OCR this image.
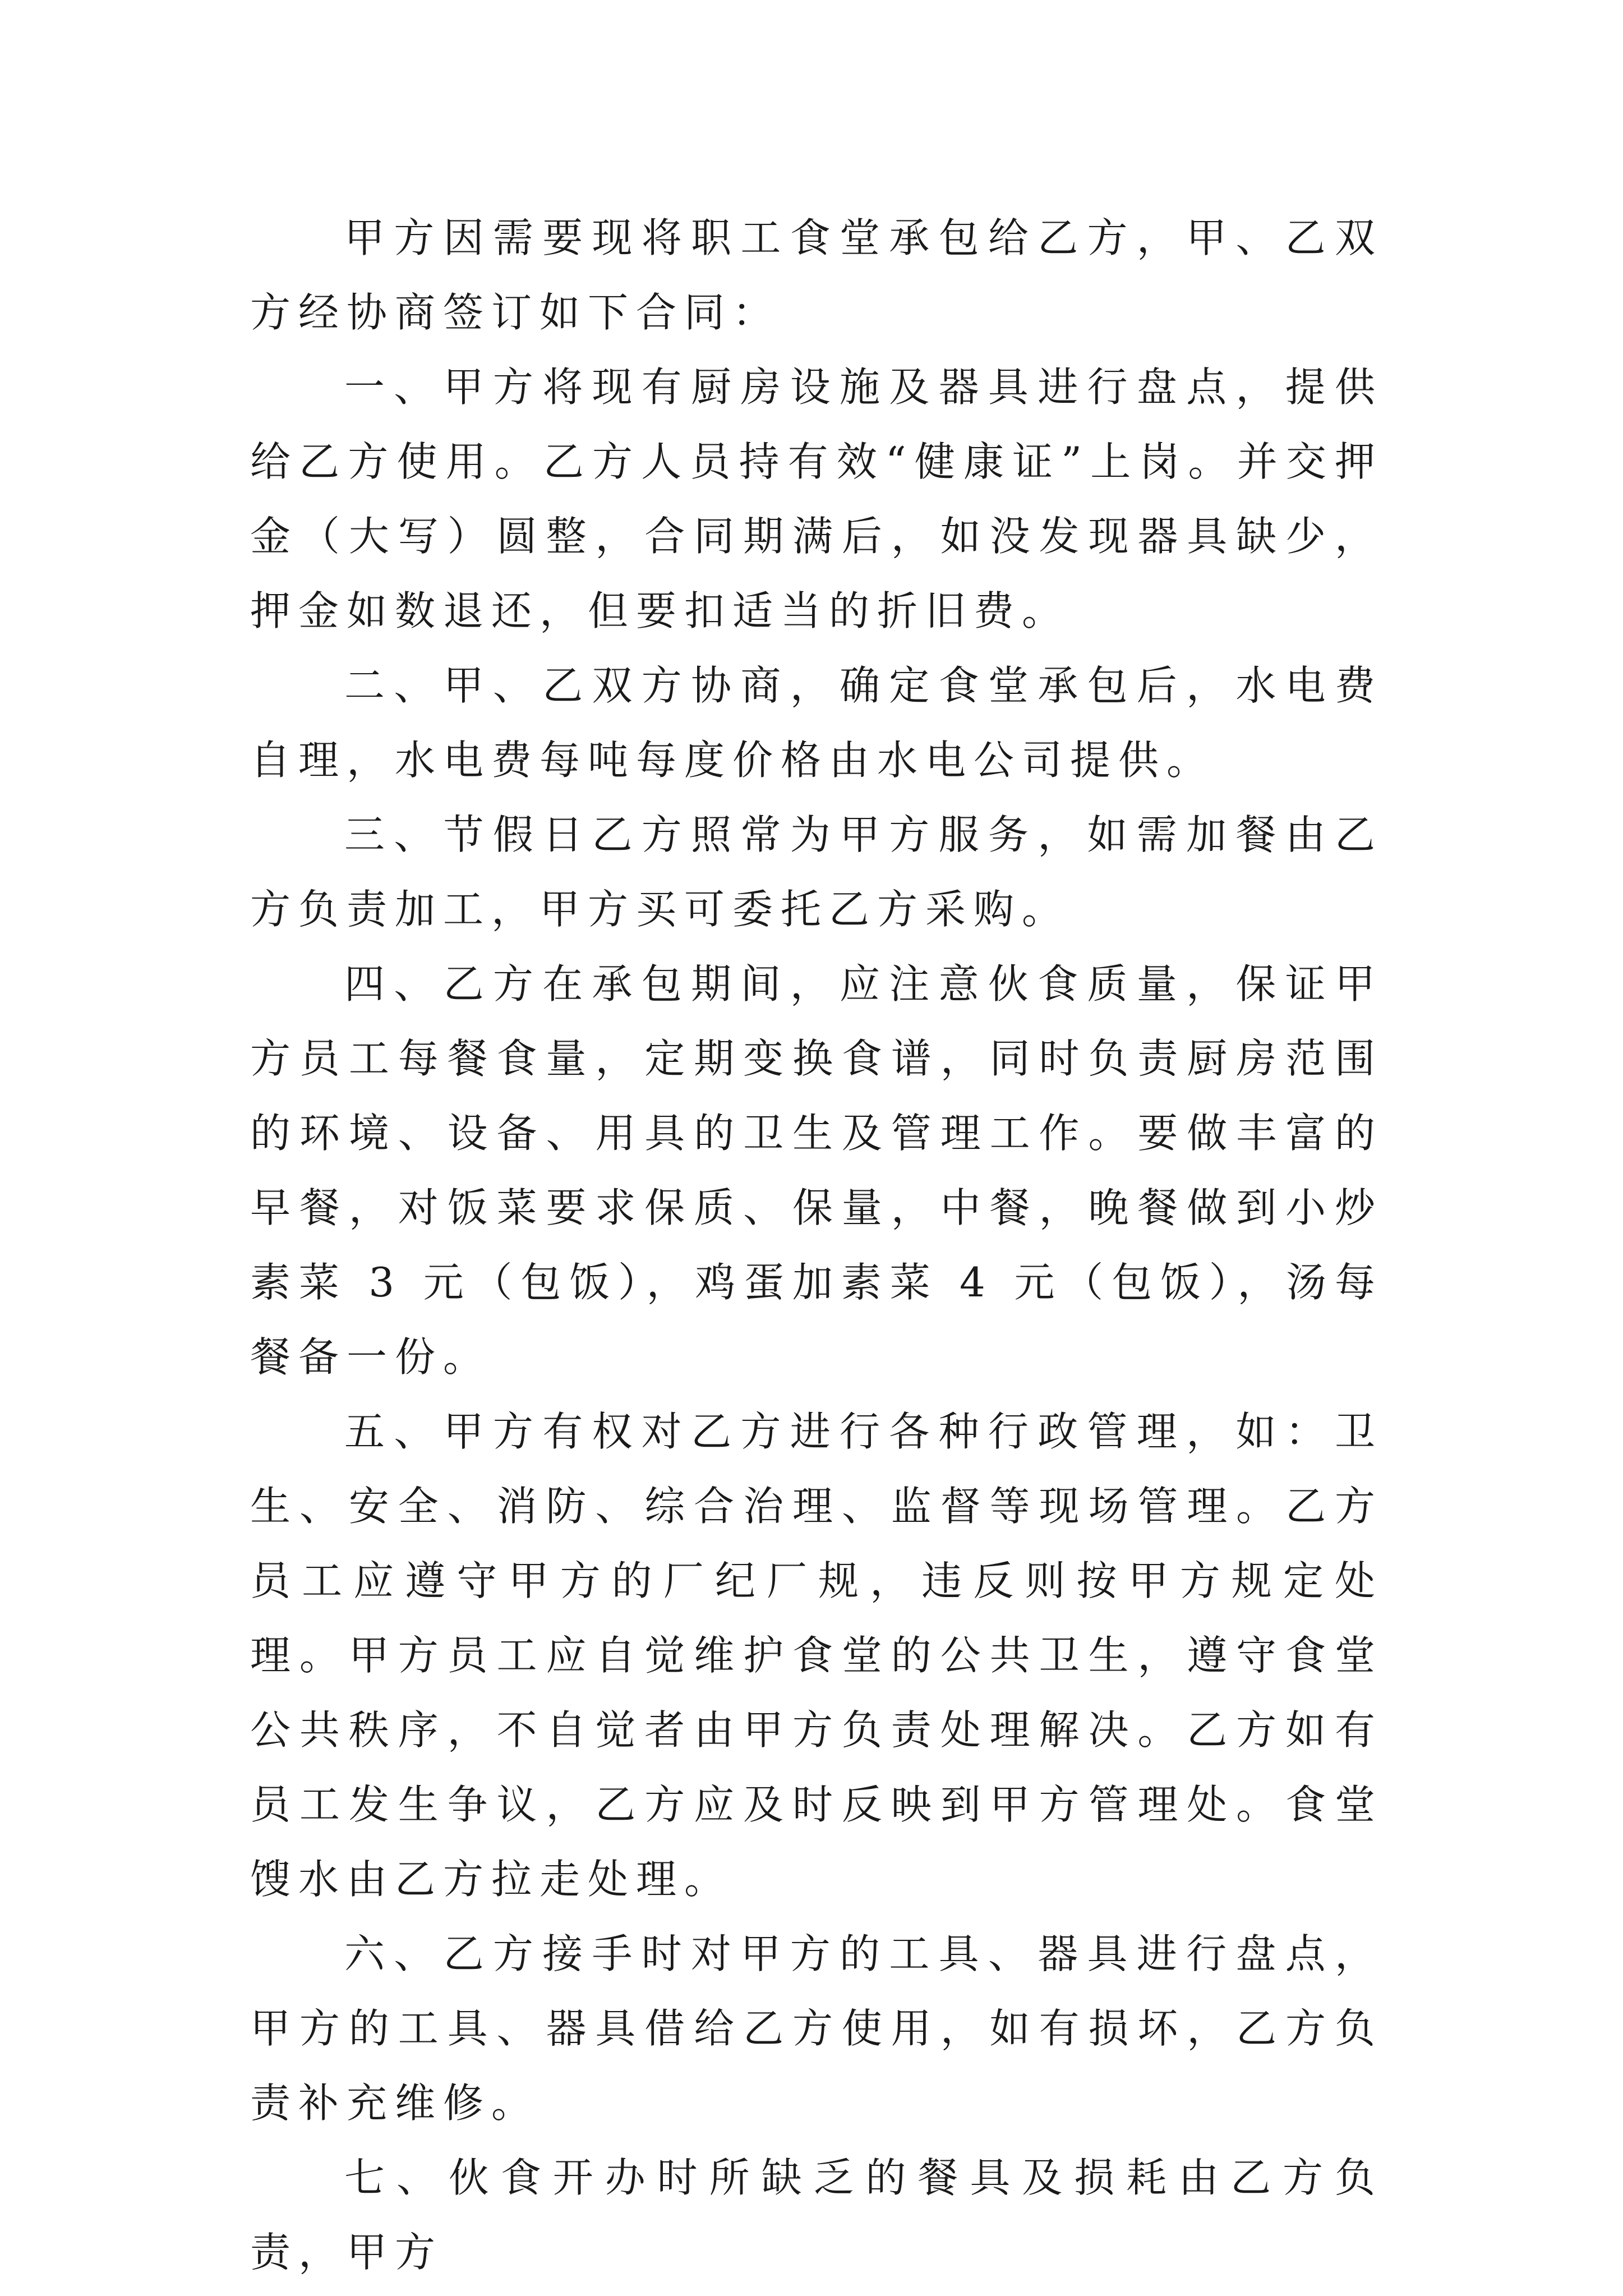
甲方因需要现将职工食堂承包给乙方，甲、乙双方经协商签订如下合同：

一、甲方将现有厨房设施及器具进行盘点，提供给乙方使用。乙方人员持有效“健康证”上岗。并交押金（大写）圆整，合同期满后，如没发现器具缺少，押金如数退还，但要扣适当的折旧费。

二、甲、乙双方协商，确定食堂承包后，水电费自理，水电费每吨每度价格由水电公司提供。

三、节假日乙方照常为甲方服务，如需加餐由乙方负责加工，甲方买可委托乙方采购。

四、乙方在承包期间，应注意伙食质量，保证甲方员工每餐食量，定期变换食谱，同时负责厨房范围的环境、设备、用具的卫生及管理工作。要做丰富的早餐，对饭菜要求保质、保量，中餐，晚餐做到小炒素菜 3 元（包饭），鸡蛋加素菜 4 元（包饭），汤每餐备一份。

五、甲方有权对乙方进行各种行政管理，如：卫生、安全、消防、综合治理、监督等现场管理。乙方员工应遵守甲方的厂纪厂规，违反则按甲方规定处理。甲方员工应自觉维护食堂的公共卫生，遵守食堂公共秩序，不自觉者由甲方负责处理解决。乙方如有员工发生争议，乙方应及时反映到甲方管理处。食堂馊水由乙方拉走处理。

六、乙方接手时对甲方的工具、器具进行盘点，甲方的工具、器具借给乙方使用，如有损坏，乙方负责补充维修。

七、伙食开办时所缺乏的餐具及损耗由乙方负责，甲方
